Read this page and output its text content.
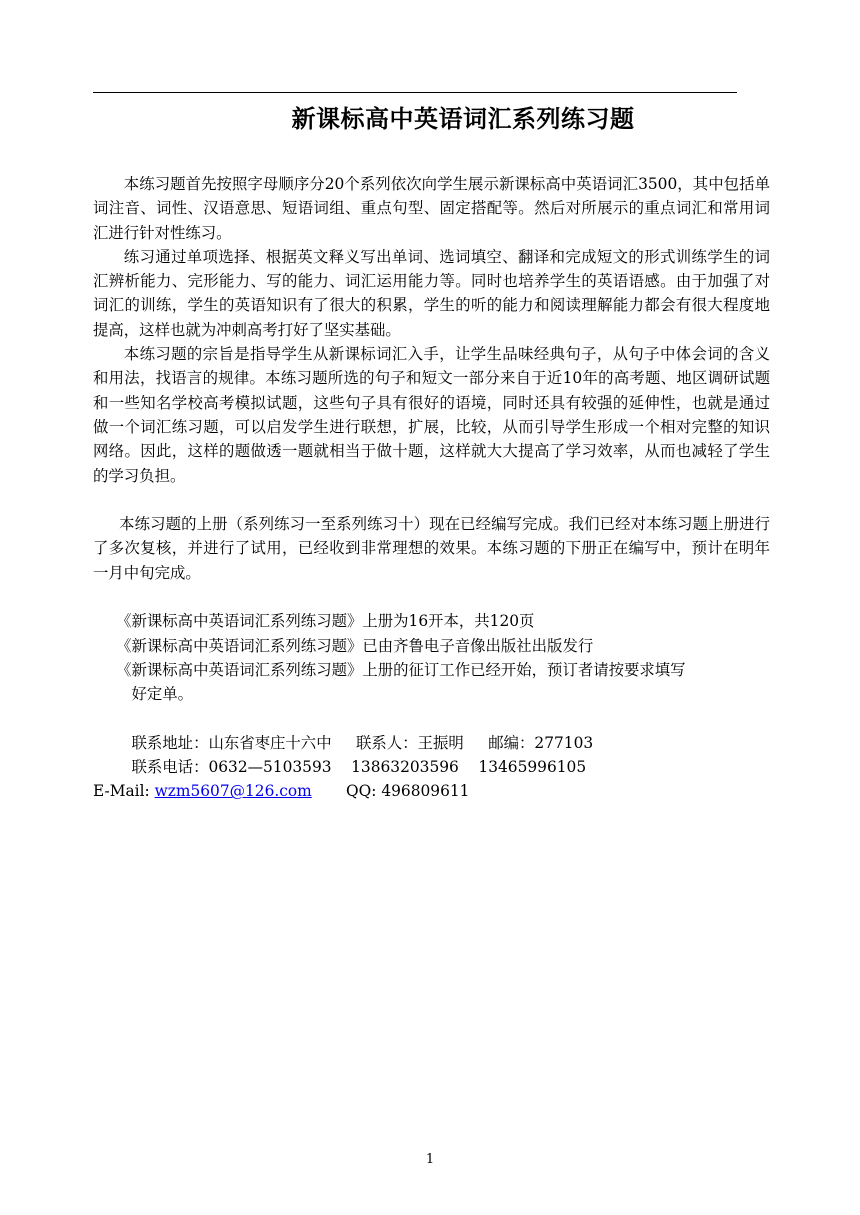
新课标高中英语词汇系列练习题

本练习题首先按照字母顺序分20个系列依次向学生展示新课标高中英语词汇3500，其中包括单词注音、词性、汉语意思、短语词组、重点句型、固定搭配等。然后对所展示的重点词汇和常用词汇进行针对性练习。

练习通过单项选择、根据英文释义写出单词、选词填空、翻译和完成短文的形式训练学生的词汇辨析能力、完形能力、写的能力、词汇运用能力等。同时也培养学生的英语语感。由于加强了对词汇的训练，学生的英语知识有了很大的积累，学生的听的能力和阅读理解能力都会有很大程度地提高，这样也就为冲刺高考打好了坚实基础。

本练习题的宗旨是指导学生从新课标词汇入手，让学生品味经典句子，从句子中体会词的含义和用法，找语言的规律。本练习题所选的句子和短文一部分来自于近10年的高考题、地区调研试题和一些知名学校高考模拟试题，这些句子具有很好的语境，同时还具有较强的延伸性，也就是通过做一个词汇练习题，可以启发学生进行联想，扩展，比较，从而引导学生形成一个相对完整的知识网络。因此，这样的题做透一题就相当于做十题，这样就大大提高了学习效率，从而也减轻了学生的学习负担。

本练习题的上册（系列练习一至系列练习十）现在已经编写完成。我们已经对本练习题上册进行了多次复核，并进行了试用，已经收到非常理想的效果。本练习题的下册正在编写中，预计在明年一月中旬完成。

《新课标高中英语词汇系列练习题》上册为16开本，共120页

《新课标高中英语词汇系列练习题》已由齐鲁电子音像出版社出版发行

《新课标高中英语词汇系列练习题》上册的征订工作已经开始，预订者请按要求填写

好定单。

联系地址：山东省枣庄十六中     联系人：王振明     邮编：277103

联系电话：0632—5103593    13863203596    13465996105

E-Mail: wzm5607@126.com       QQ: 496809611

1
